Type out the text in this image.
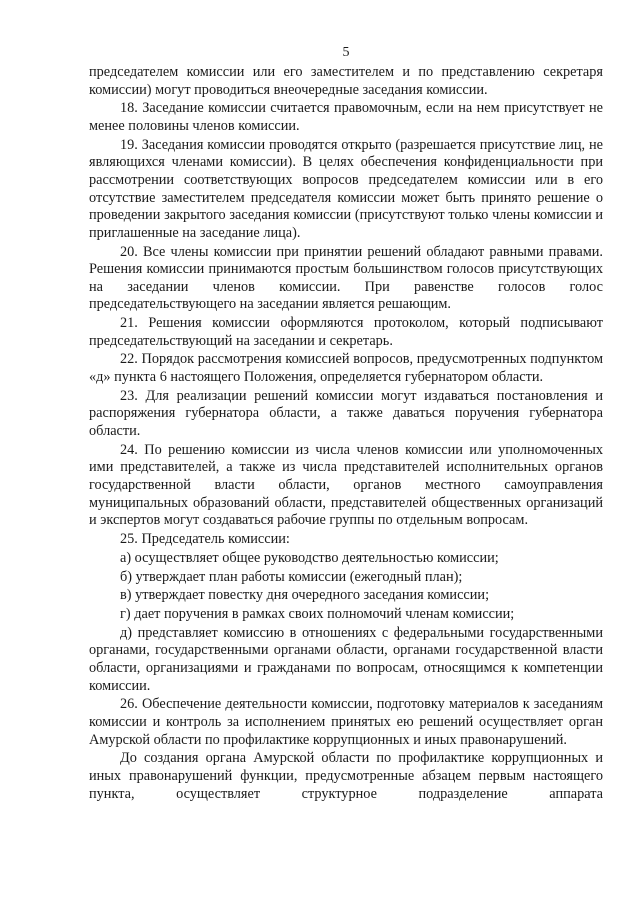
5

председателем комиссии или его заместителем и по представлению секретаря комиссии) могут проводиться внеочередные заседания комиссии.

18. Заседание комиссии считается правомочным, если на нем присутствует не менее половины членов комиссии.

19. Заседания комиссии проводятся открыто (разрешается присутствие лиц, не являющихся членами комиссии). В целях обеспечения конфиденциальности при рассмотрении соответствующих вопросов председателем комиссии или в его отсутствие заместителем председателя комиссии может быть принято решение о проведении закрытого заседания комиссии (присутствуют только члены комиссии и приглашенные на заседание лица).

20. Все члены комиссии при принятии решений обладают равными правами. Решения комиссии принимаются простым большинством голосов присутствующих на заседании членов комиссии. При равенстве голосов голос председательствующего на заседании является решающим.

21. Решения комиссии оформляются протоколом, который подписывают председательствующий на заседании и секретарь.

22. Порядок рассмотрения комиссией вопросов, предусмотренных подпунктом «д» пункта 6 настоящего Положения, определяется губернатором области.

23. Для реализации решений комиссии могут издаваться постановления и распоряжения губернатора области, а также даваться поручения губернатора области.

24. По решению комиссии из числа членов комиссии или уполномоченных ими представителей, а также из числа представителей исполнительных органов государственной власти области, органов местного самоуправления муниципальных образований области, представителей общественных организаций и экспертов могут создаваться рабочие группы по отдельным вопросам.

25. Председатель комиссии:

а) осуществляет общее руководство деятельностью комиссии;

б) утверждает план работы комиссии (ежегодный план);

в) утверждает повестку дня очередного заседания комиссии;

г) дает поручения в рамках своих полномочий членам комиссии;

д) представляет комиссию в отношениях с федеральными государственными органами, государственными органами области, органами государственной власти области, организациями и гражданами по вопросам, относящимся к компетенции комиссии.

26. Обеспечение деятельности комиссии, подготовку материалов к заседаниям комиссии и контроль за исполнением принятых ею решений осуществляет орган Амурской области по профилактике коррупционных и иных правонарушений.

До создания органа Амурской области по профилактике коррупционных и иных правонарушений функции, предусмотренные абзацем первым настоящего пункта, осуществляет структурное подразделение аппарата
